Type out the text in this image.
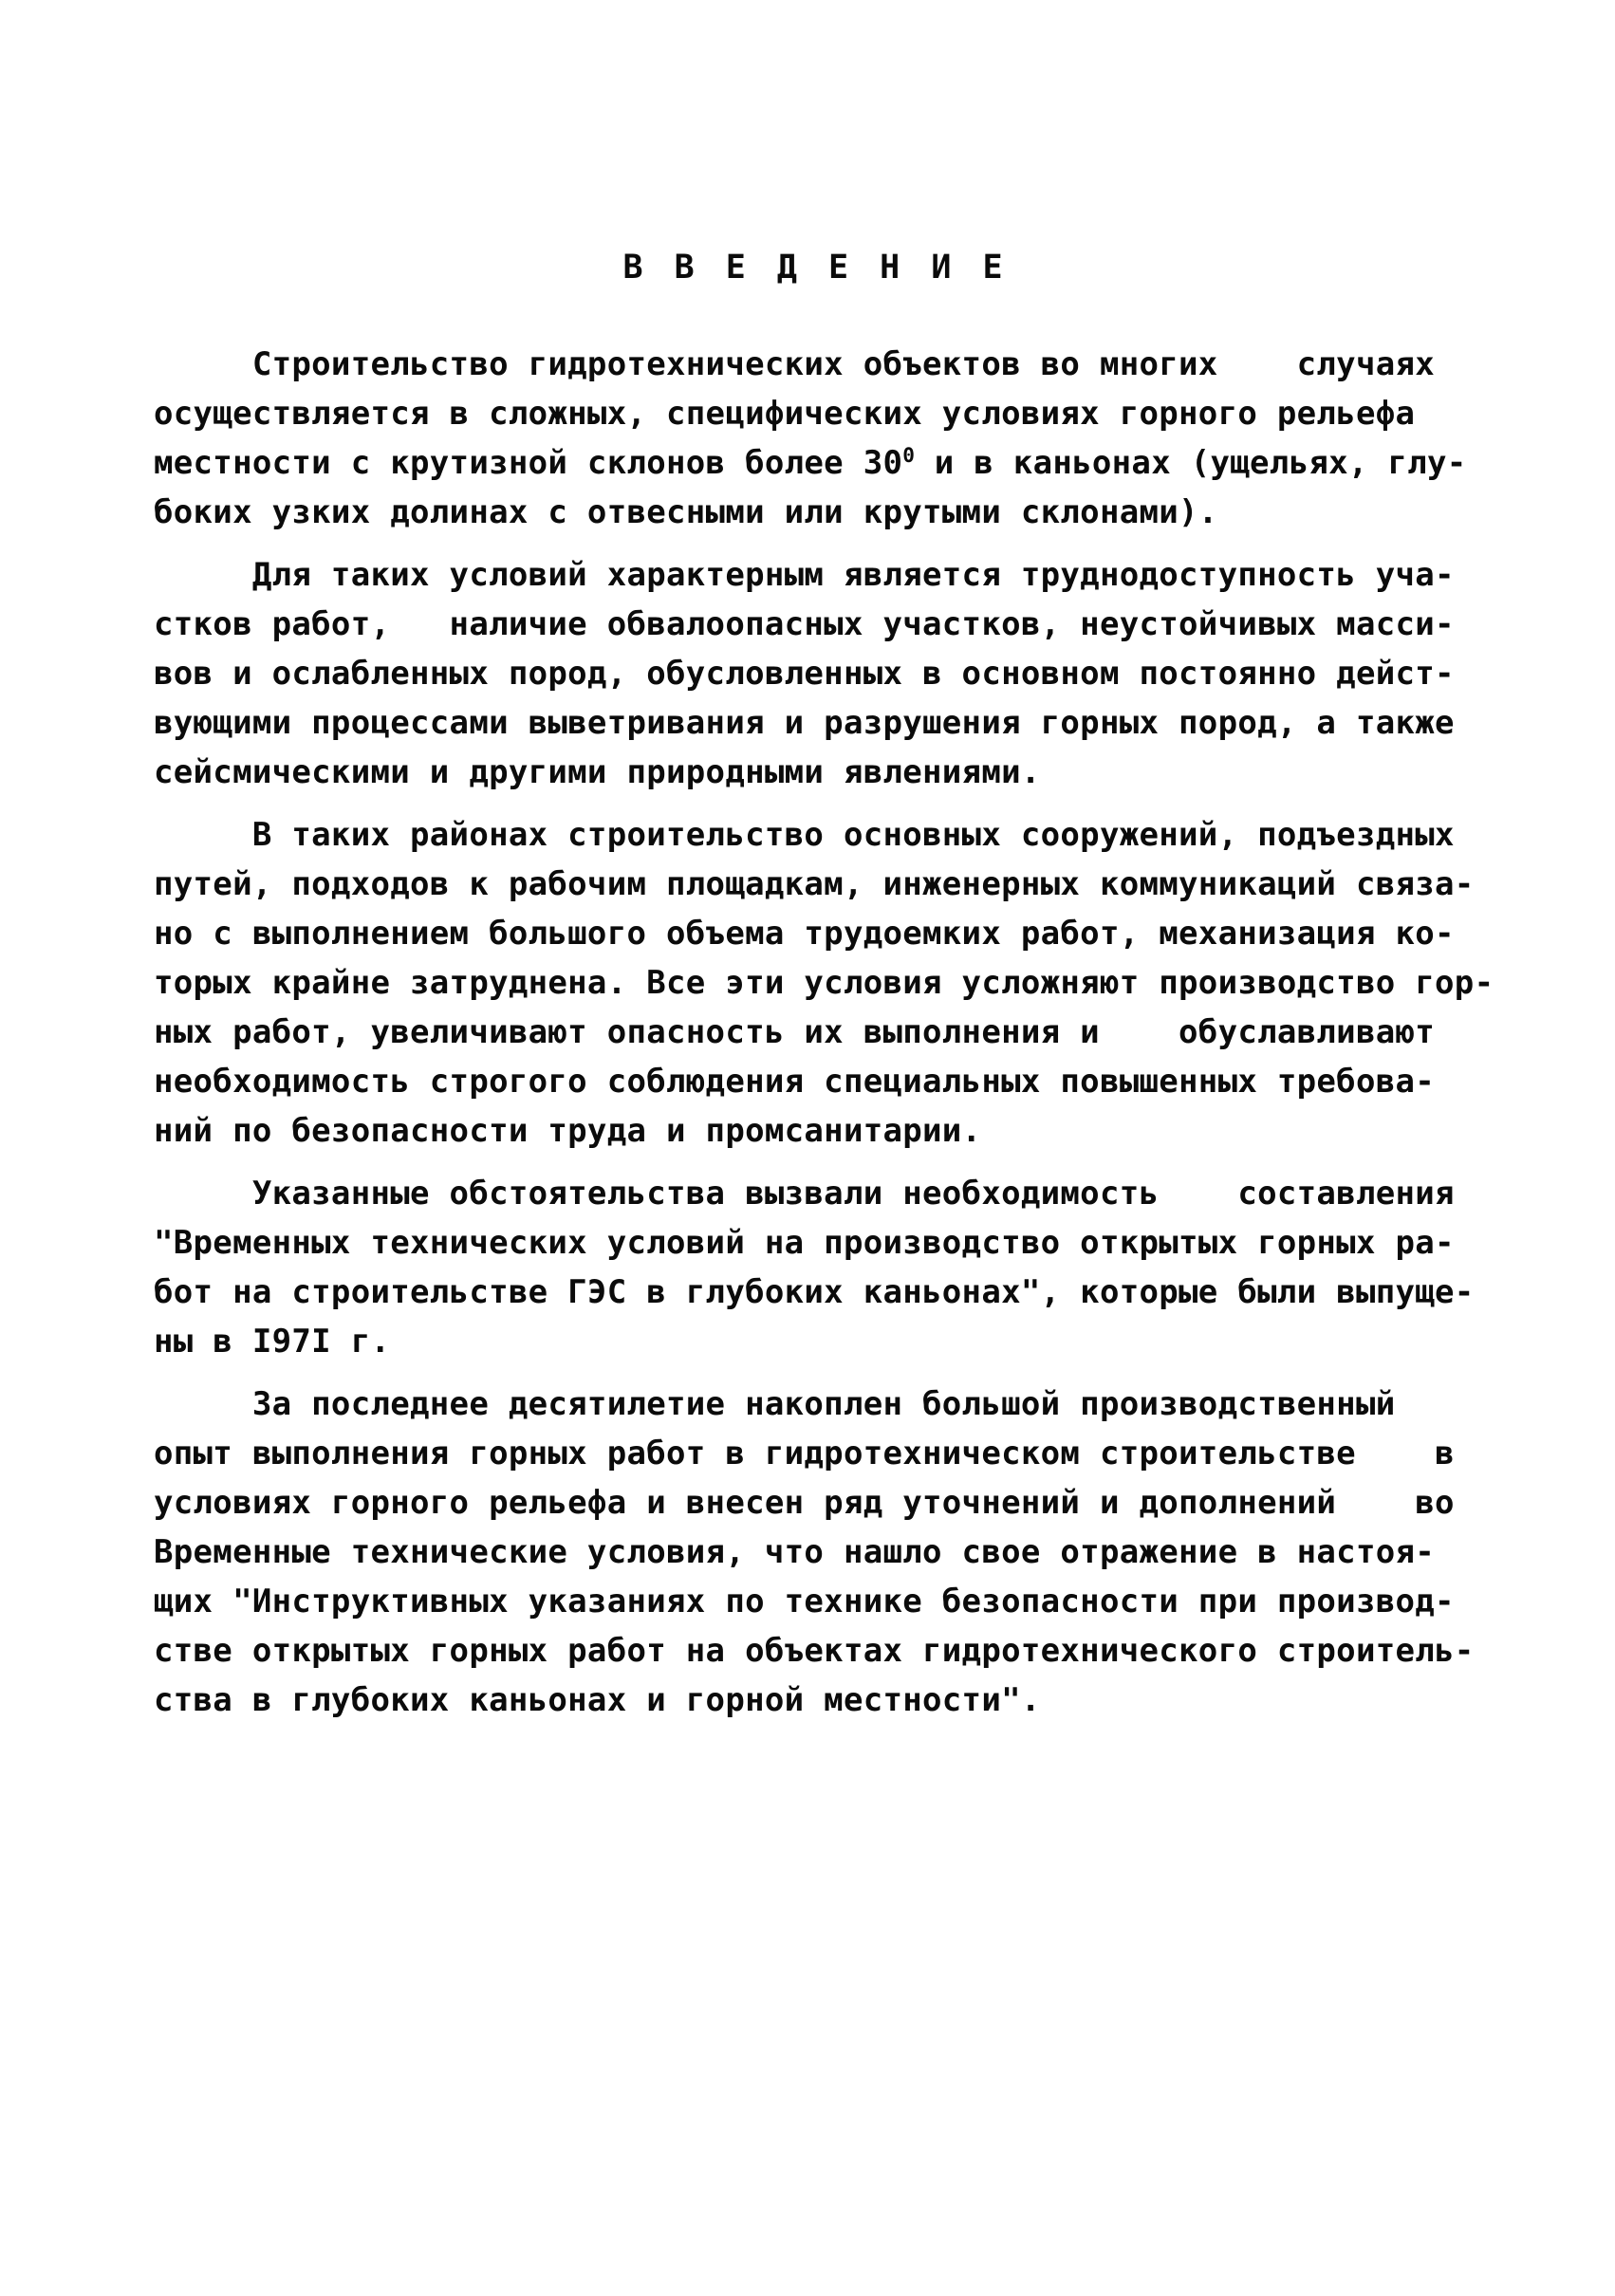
В В Е Д Е Н И Е
Строительство гидротехнических объектов во многих    случаях
осуществляется в сложных, специфических условиях горного рельефа
местности с крутизной склонов более $30^0$ и в каньонах (ущельях, глу-
боких узких долинах с отвесными или крутыми склонами).
Для таких условий характерным является труднодоступность уча-
стков работ,   наличие обвалоопасных участков, неустойчивых масси-
вов и ослабленных пород, обусловленных в основном постоянно дейст-
вующими процессами выветривания и разрушения горных пород, а также
сейсмическими и другими природными явлениями.
В таких районах строительство основных сооружений, подъездных
путей, подходов к рабочим площадкам, инженерных коммуникаций связа-
но с выполнением большого объема трудоемких работ, механизация ко-
торых крайне затруднена. Все эти условия усложняют производство гор-
ных работ, увеличивают опасность их выполнения и    обуславливают
необходимость строгого соблюдения специальных повышенных требова-
ний по безопасности труда и промсанитарии.
Указанные обстоятельства вызвали необходимость    составления
"Временных технических условий на производство открытых горных ра-
бот на строительстве ГЭС в глубоких каньонах", которые были выпуще-
ны в I97I г.
За последнее десятилетие накоплен большой производственный
опыт выполнения горных работ в гидротехническом строительстве    в
условиях горного рельефа и внесен ряд уточнений и дополнений    во
Временные технические условия, что нашло свое отражение в настоя-
щих "Инструктивных указаниях по технике безопасности при производ-
стве открытых горных работ на объектах гидротехнического строитель-
ства в глубоких каньонах и горной местности".
